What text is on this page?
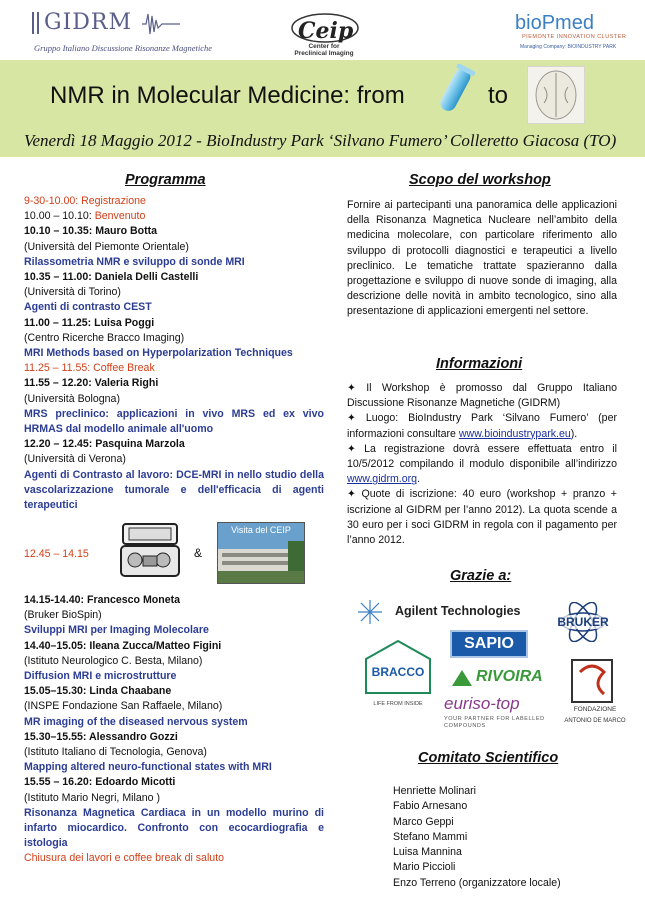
GIDRM
Gruppo Italiano Discussione Risonanze Magnetiche
Ceip
Center for Preclinical Imaging
bioPmed
PIEMONTE INNOVATION CLUSTER
Managing Company: BIOINDUSTRY PARK
NMR in Molecular Medicine: from	to
Venerdì 18 Maggio 2012 - BioIndustry Park ‘Silvano Fumero’ Colleretto Giacosa (TO)
Programma
9-30-10.00: Registrazione
10.00 – 10.10: Benvenuto
10.10 – 10.35: Mauro Botta
(Università del Piemonte Orientale)
Rilassometria NMR e sviluppo di sonde MRI
10.35 – 11.00: Daniela Delli Castelli
(Università di Torino)
Agenti di contrasto CEST
11.00 – 11.25: Luisa Poggi
(Centro Ricerche Bracco Imaging)
MRI Methods based on Hyperpolarization Techniques
11.25 – 11.55: Coffee Break
11.55 – 12.20: Valeria Righi
(Università Bologna)
MRS preclinico: applicazioni in vivo MRS ed ex vivo HRMAS dal modello animale all'uomo
12.20 – 12.45: Pasquina Marzola
(Università di Verona)
Agenti di Contrasto al lavoro: DCE-MRI in nello studio della vascolarizzazione tumorale e dell'efficacia di agenti terapeutici
12.45 – 14.15	&
Visita del CEIP
14.15-14.40: Francesco Moneta
(Bruker BioSpin)
Sviluppi MRI per Imaging Molecolare
14.40–15.05: Ileana Zucca/Matteo Figini
(Istituto Neurologico C. Besta, Milano)
Diffusion MRI e microstrutture
15.05–15.30: Linda Chaabane
(INSPE Fondazione San Raffaele, Milano)
MR imaging of the diseased nervous system
15.30–15.55: Alessandro Gozzi
(Istituto Italiano di Tecnologia, Genova)
Mapping altered neuro-functional states with MRI
15.55 – 16.20: Edoardo Micotti
(Istituto Mario Negri, Milano )
Risonanza Magnetica Cardiaca in un modello murino di infarto miocardico. Confronto con ecocardiografia e istologia
Chiusura dei lavori e coffee break di saluto
Scopo del workshop
Fornire ai partecipanti una panoramica delle applicazioni della Risonanza Magnetica Nucleare nell’ambito della medicina molecolare, con particolare riferimento allo sviluppo di protocolli diagnostici e terapeutici a livello preclinico. Le tematiche trattate spazieranno dalla progettazione e sviluppo di nuove sonde di imaging, alla descrizione delle novità in ambito tecnologico, sino alla presentazione di applicazioni emergenti nel settore.
Informazioni
✦ Il Workshop è promosso dal Gruppo Italiano Discussione Risonanze Magnetiche (GIDRM)
✦ Luogo: BioIndustry Park ‘Silvano Fumero’ (per informazioni consultare www.bioindustrypark.eu).
✦ La registrazione dovrà essere effettuata entro il 10/5/2012 compilando il modulo disponibile all’indirizzo www.gidrm.org.
✦ Quote di iscrizione: 40 euro (workshop + pranzo + iscrizione al GIDRM per l’anno 2012). La quota scende a 30 euro per i soci GIDRM in regola con il pagamento per l’anno 2012.
Grazie a:
Agilent Technologies
BRUKER
SAPIO
BRACCO
LIFE FROM INSIDE
RIVOIRA
FONDAZIONE
ANTONIO DE MARCO
euriso-top
YOUR PARTNER FOR LABELLED COMPOUNDS
Comitato Scientifico
Henriette Molinari
Fabio Arnesano
Marco Geppi
Stefano Mammi
Luisa Mannina
Mario Piccioli
Enzo Terreno (organizzatore locale)
